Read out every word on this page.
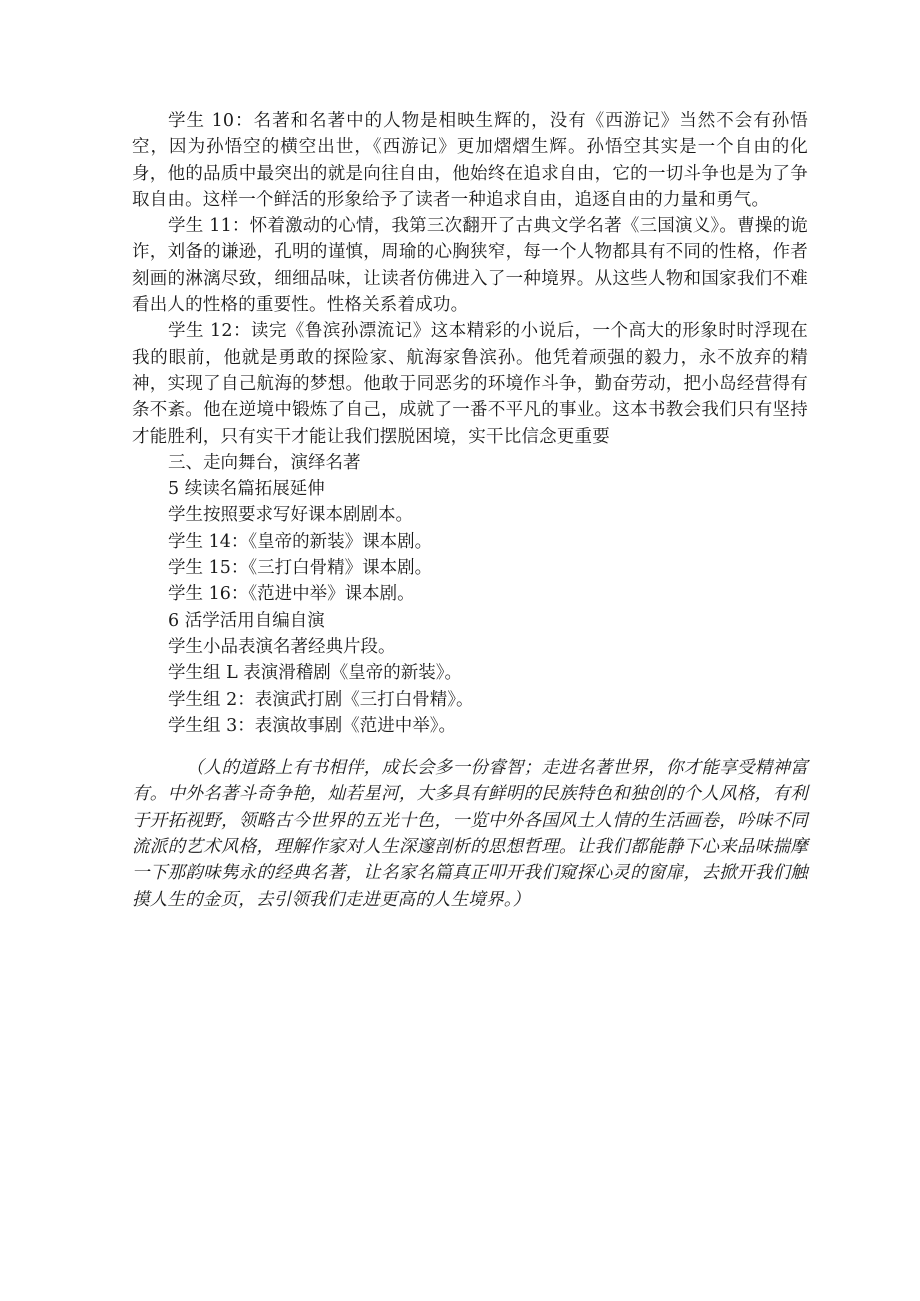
学生 10：名著和名著中的人物是相映生辉的，没有《西游记》当然不会有孙悟空，因为孙悟空的横空出世，《西游记》更加熠熠生辉。孙悟空其实是一个自由的化身，他的品质中最突出的就是向往自由，他始终在追求自由，它的一切斗争也是为了争取自由。这样一个鲜活的形象给予了读者一种追求自由，追逐自由的力量和勇气。

学生 11：怀着激动的心情，我第三次翻开了古典文学名著《三国演义》。曹操的诡诈，刘备的谦逊，孔明的谨慎，周瑜的心胸狭窄，每一个人物都具有不同的性格，作者刻画的淋漓尽致，细细品味，让读者仿佛进入了一种境界。从这些人物和国家我们不难看出人的性格的重要性。性格关系着成功。

学生 12：读完《鲁滨孙漂流记》这本精彩的小说后，一个高大的形象时时浮现在我的眼前，他就是勇敢的探险家、航海家鲁滨孙。他凭着顽强的毅力，永不放弃的精神，实现了自己航海的梦想。他敢于同恶劣的环境作斗争，勤奋劳动，把小岛经营得有条不紊。他在逆境中锻炼了自己，成就了一番不平凡的事业。这本书教会我们只有坚持才能胜利，只有实干才能让我们摆脱困境，实干比信念更重要

三、走向舞台，演绎名著

5 续读名篇拓展延伸

学生按照要求写好课本剧剧本。

学生 14：《皇帝的新装》课本剧。

学生 15：《三打白骨精》课本剧。

学生 16：《范进中举》课本剧。

6 活学活用自编自演

学生小品表演名著经典片段。

学生组 L 表演滑稽剧《皇帝的新装》。

学生组 2：表演武打剧《三打白骨精》。

学生组 3：表演故事剧《范进中举》。

（人的道路上有书相伴，成长会多一份睿智；走进名著世界，你才能享受精神富有。中外名著斗奇争艳，灿若星河，大多具有鲜明的民族特色和独创的个人风格，有利于开拓视野，领略古今世界的五光十色，一览中外各国风土人情的生活画卷，吟味不同流派的艺术风格，理解作家对人生深邃剖析的思想哲理。让我们都能静下心来品味揣摩一下那韵味隽永的经典名著，让名家名篇真正叩开我们窥探心灵的窗扉，去掀开我们触摸人生的金页，去引领我们走进更高的人生境界。）
